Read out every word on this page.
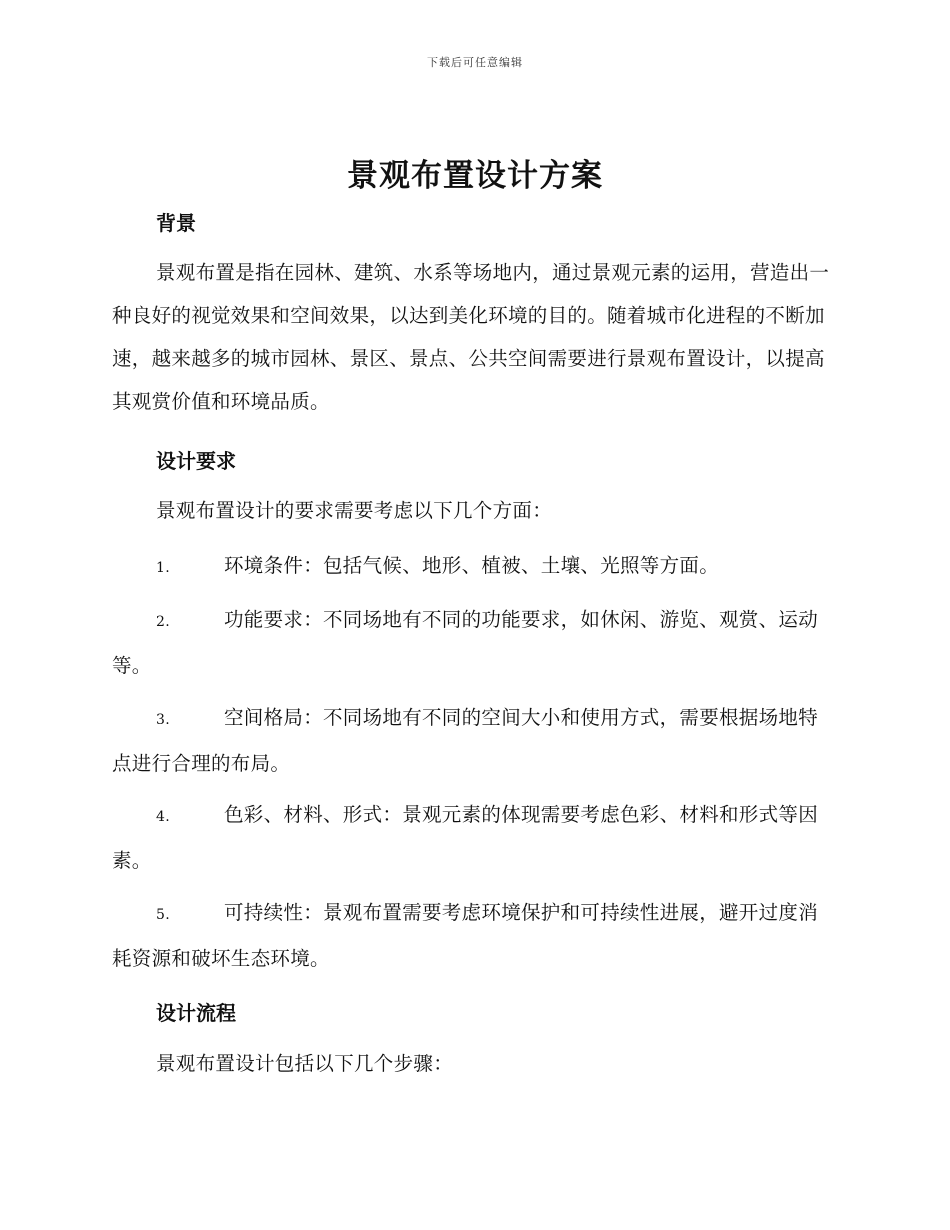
下载后可任意编辑
景观布置设计方案
背景

景观布置是指在园林、建筑、水系等场地内，通过景观元素的运用，营造出一种良好的视觉效果和空间效果，以达到美化环境的目的。随着城市化进程的不断加速，越来越多的城市园林、景区、景点、公共空间需要进行景观布置设计，以提高其观赏价值和环境品质。

设计要求

景观布置设计的要求需要考虑以下几个方面：

1.	环境条件：包括气候、地形、植被、土壤、光照等方面。

2.	功能要求：不同场地有不同的功能要求，如休闲、游览、观赏、运动等。

3.	空间格局：不同场地有不同的空间大小和使用方式，需要根据场地特点进行合理的布局。

4.	色彩、材料、形式：景观元素的体现需要考虑色彩、材料和形式等因素。

5.	可持续性：景观布置需要考虑环境保护和可持续性进展，避开过度消耗资源和破坏生态环境。

设计流程

景观布置设计包括以下几个步骤：
